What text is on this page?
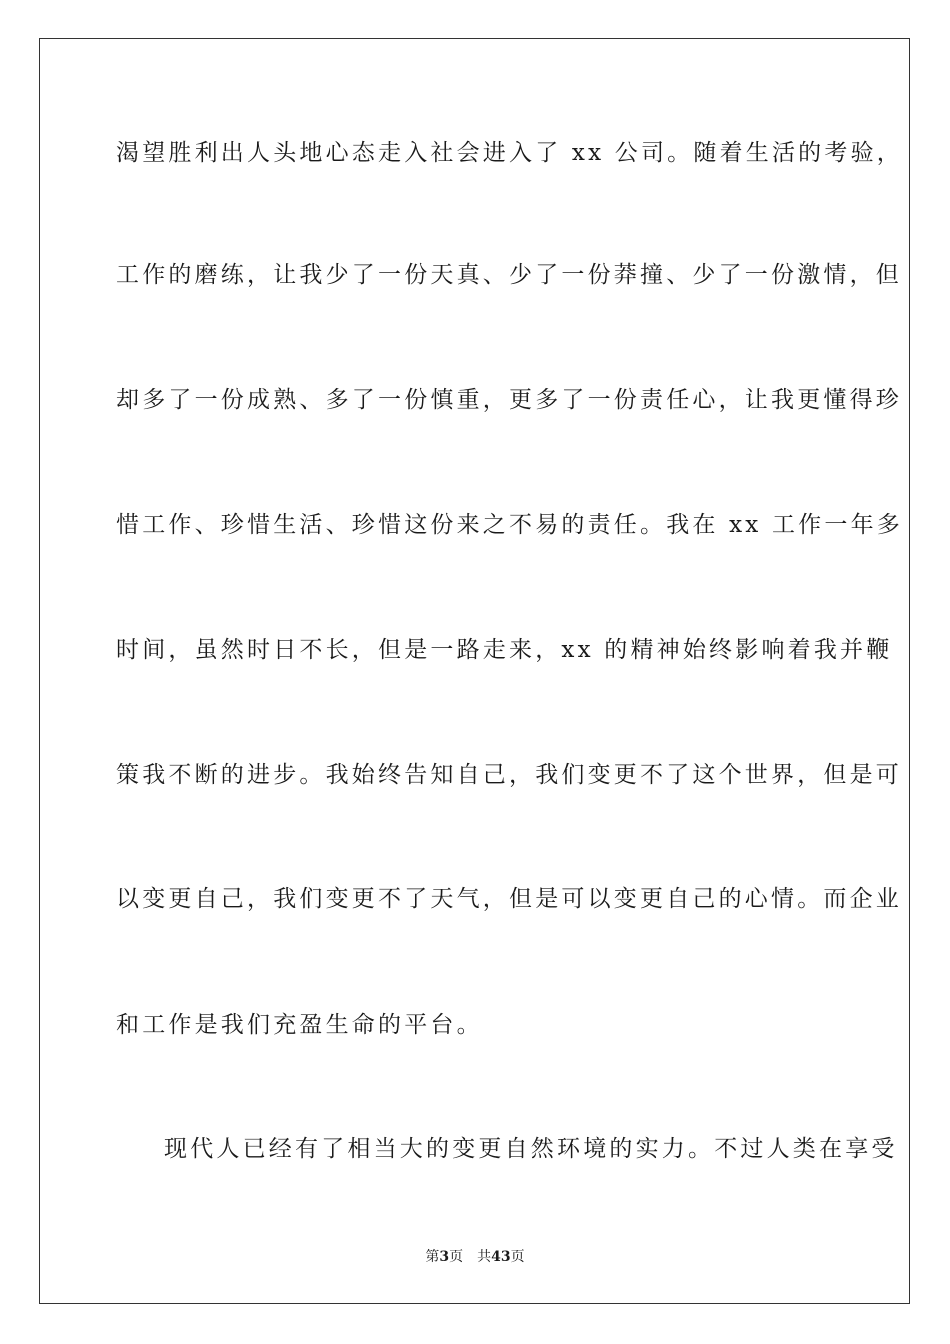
渴望胜利出人头地心态走入社会进入了 xx 公司。随着生活的考验，
工作的磨练，让我少了一份天真、少了一份莽撞、少了一份激情，但
却多了一份成熟、多了一份慎重，更多了一份责任心，让我更懂得珍
惜工作、珍惜生活、珍惜这份来之不易的责任。我在 xx 工作一年多
时间，虽然时日不长，但是一路走来，xx 的精神始终影响着我并鞭
策我不断的进步。我始终告知自己，我们变更不了这个世界，但是可
以变更自己，我们变更不了天气，但是可以变更自己的心情。而企业
和工作是我们充盈生命的平台。
现代人已经有了相当大的变更自然环境的实力。不过人类在享受
第3页 共43页
